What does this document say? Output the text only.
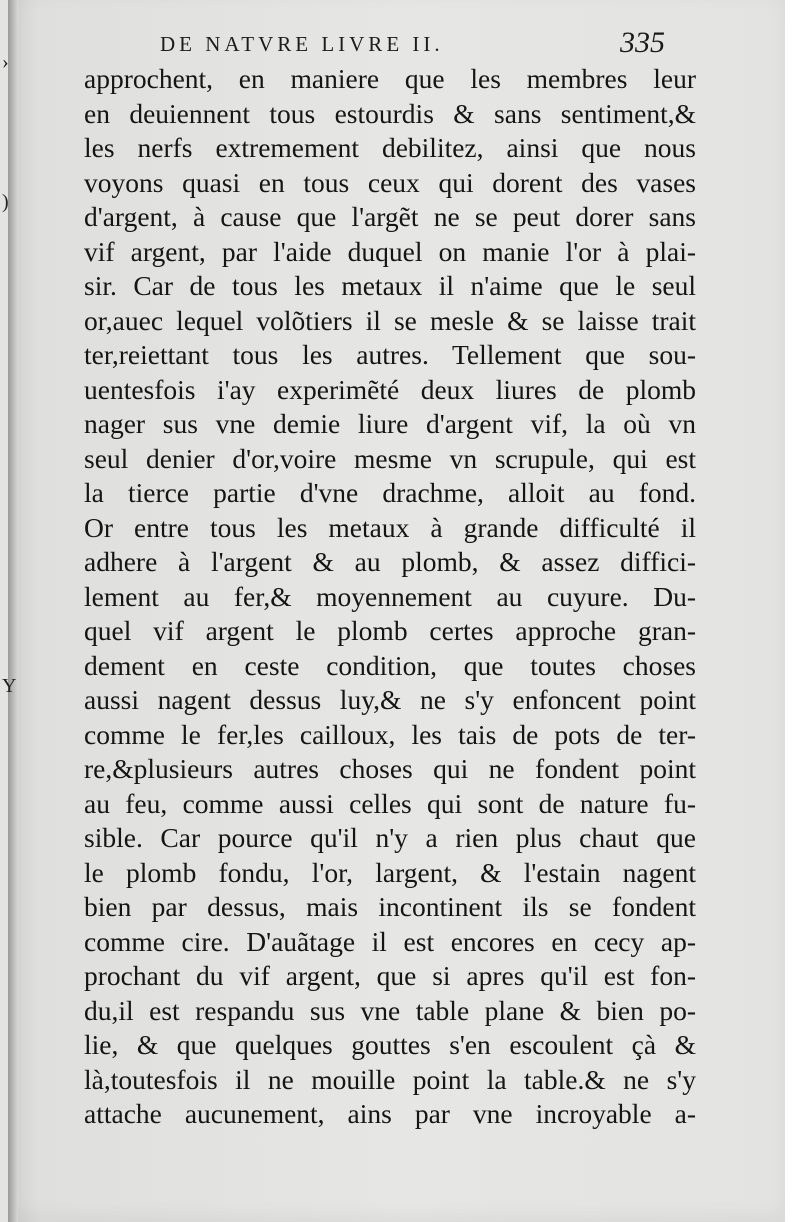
DE NATVRE LIVRE II.	335
›
)
Y
approchent, en maniere que les membres leur
en deuiennent tous estourdis & sans sentiment,&
les nerfs extremement debilitez, ainsi que nous
voyons quasi en tous ceux qui dorent des vases
d'argent, à cause que l'argẽt ne se peut dorer sans
vif argent, par l'aide duquel on manie l'or à plai-
sir. Car de tous les metaux il n'aime que le seul
or,auec lequel volõtiers il se mesle & se laisse trait
ter,reiettant tous les autres. Tellement que sou-
uentesfois i'ay experimẽté deux liures de plomb
nager sus vne demie liure d'argent vif, la où vn
seul denier d'or,voire mesme vn scrupule, qui est
la tierce partie d'vne drachme, alloit au fond.
Or entre tous les metaux à grande difficulté il
adhere à l'argent & au plomb, & assez diffici-
lement au fer,& moyennement au cuyure. Du-
quel vif argent le plomb certes approche gran-
dement en ceste condition, que toutes choses
aussi nagent dessus luy,& ne s'y enfoncent point
comme le fer,les cailloux, les tais de pots de ter-
re,&plusieurs autres choses qui ne fondent point
au feu, comme aussi celles qui sont de nature fu-
sible. Car pource qu'il n'y a rien plus chaut que
le plomb fondu, l'or, largent, & l'estain nagent
bien par dessus, mais incontinent ils se fondent
comme cire. D'auãtage il est encores en cecy ap-
prochant du vif argent, que si apres qu'il est fon-
du,il est respandu sus vne table plane & bien po-
lie, & que quelques gouttes s'en escoulent çà &
là,toutesfois il ne mouille point la table.& ne s'y
attache aucunement, ains par vne incroyable a-
